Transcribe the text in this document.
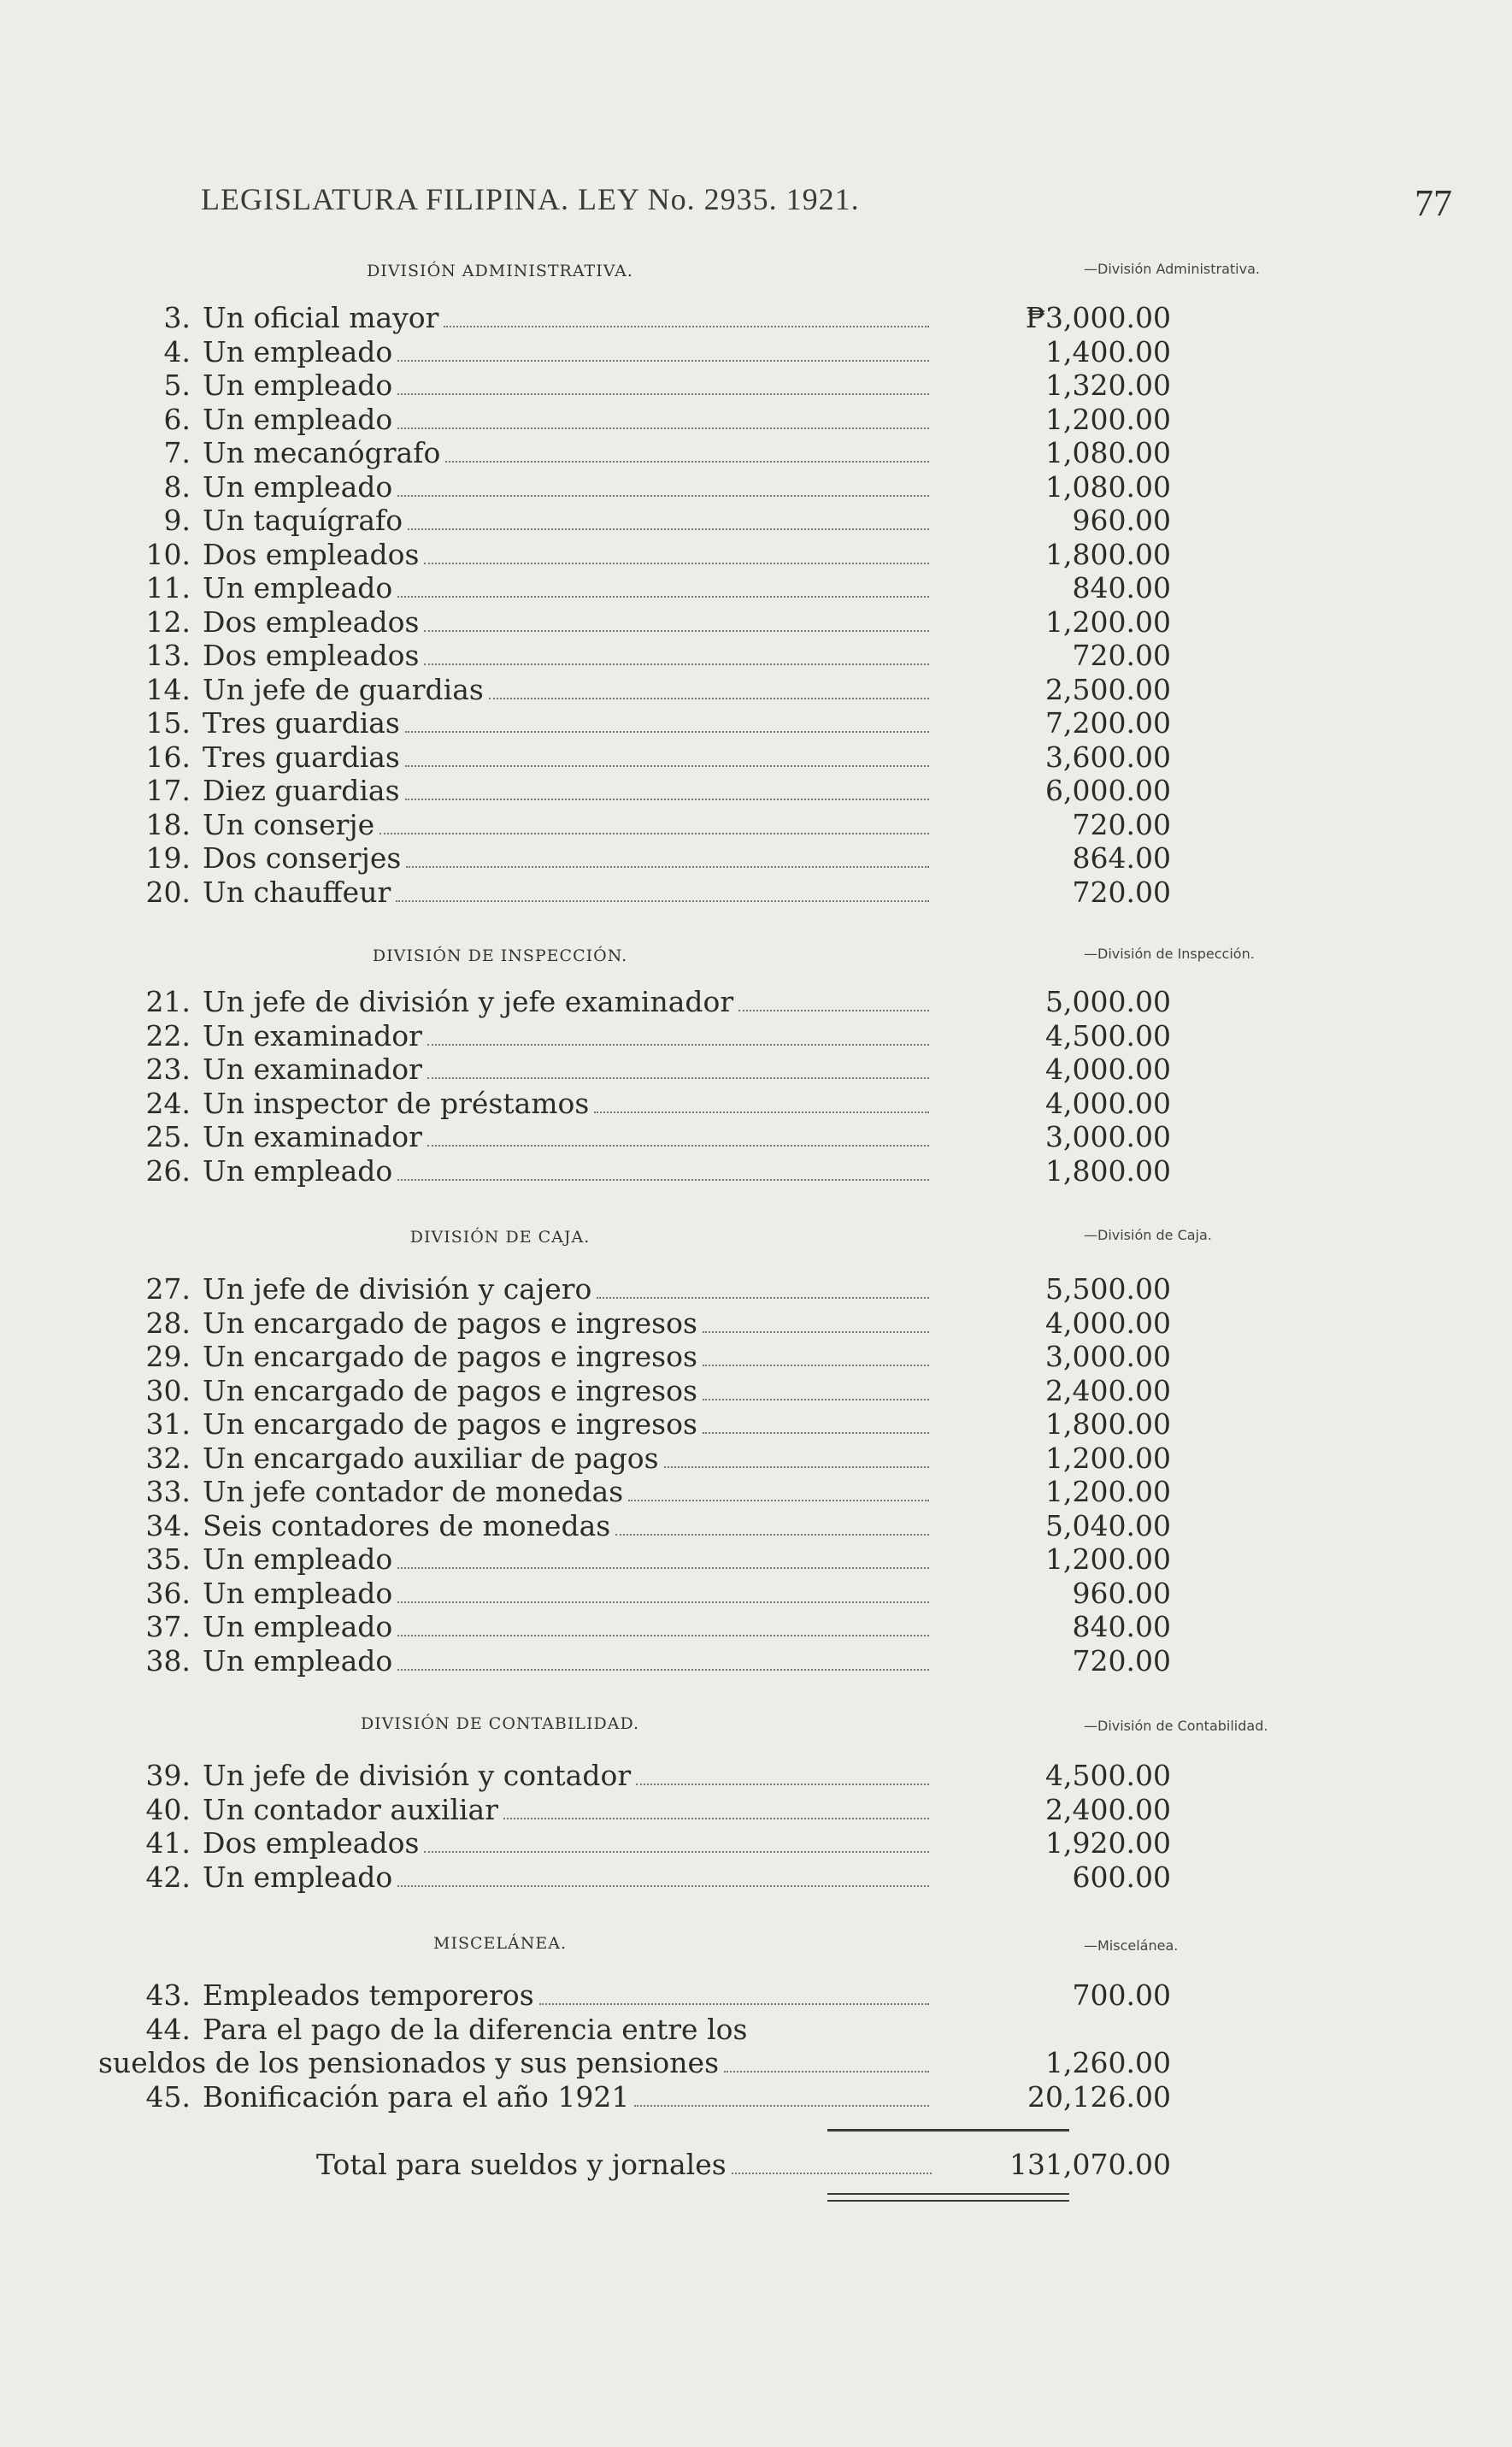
LEGISLATURA FILIPINA. LEY No. 2935. 1921.	77
DIVISIÓN ADMINISTRATIVA.	—División Administrativa.
3. Un oficial mayor	₱3,000.00
4. Un empleado	1,400.00
5. Un empleado	1,320.00
6. Un empleado	1,200.00
7. Un mecanógrafo	1,080.00
8. Un empleado	1,080.00
9. Un taquígrafo	960.00
10. Dos empleados	1,800.00
11. Un empleado	840.00
12. Dos empleados	1,200.00
13. Dos empleados	720.00
14. Un jefe de guardias	2,500.00
15. Tres guardias	7,200.00
16. Tres guardias	3,600.00
17. Diez guardias	6,000.00
18. Un conserje	720.00
19. Dos conserjes	864.00
20. Un chauffeur	720.00
DIVISIÓN DE INSPECCIÓN.	—División de Inspección.
21. Un jefe de división y jefe examinador	5,000.00
22. Un examinador	4,500.00
23. Un examinador	4,000.00
24. Un inspector de préstamos	4,000.00
25. Un examinador	3,000.00
26. Un empleado	1,800.00
DIVISIÓN DE CAJA.	—División de Caja.
27. Un jefe de división y cajero	5,500.00
28. Un encargado de pagos e ingresos	4,000.00
29. Un encargado de pagos e ingresos	3,000.00
30. Un encargado de pagos e ingresos	2,400.00
31. Un encargado de pagos e ingresos	1,800.00
32. Un encargado auxiliar de pagos	1,200.00
33. Un jefe contador de monedas	1,200.00
34. Seis contadores de monedas	5,040.00
35. Un empleado	1,200.00
36. Un empleado	960.00
37. Un empleado	840.00
38. Un empleado	720.00
DIVISIÓN DE CONTABILIDAD.	—División de Contabilidad.
39. Un jefe de división y contador	4,500.00
40. Un contador auxiliar	2,400.00
41. Dos empleados	1,920.00
42. Un empleado	600.00
MISCELÁNEA.	—Miscelánea.
43. Empleados temporeros	700.00
44. Para el pago de la diferencia entre los
sueldos de los pensionados y sus pensiones	1,260.00
45. Bonificación para el año 1921	20,126.00
Total para sueldos y jornales	131,070.00
